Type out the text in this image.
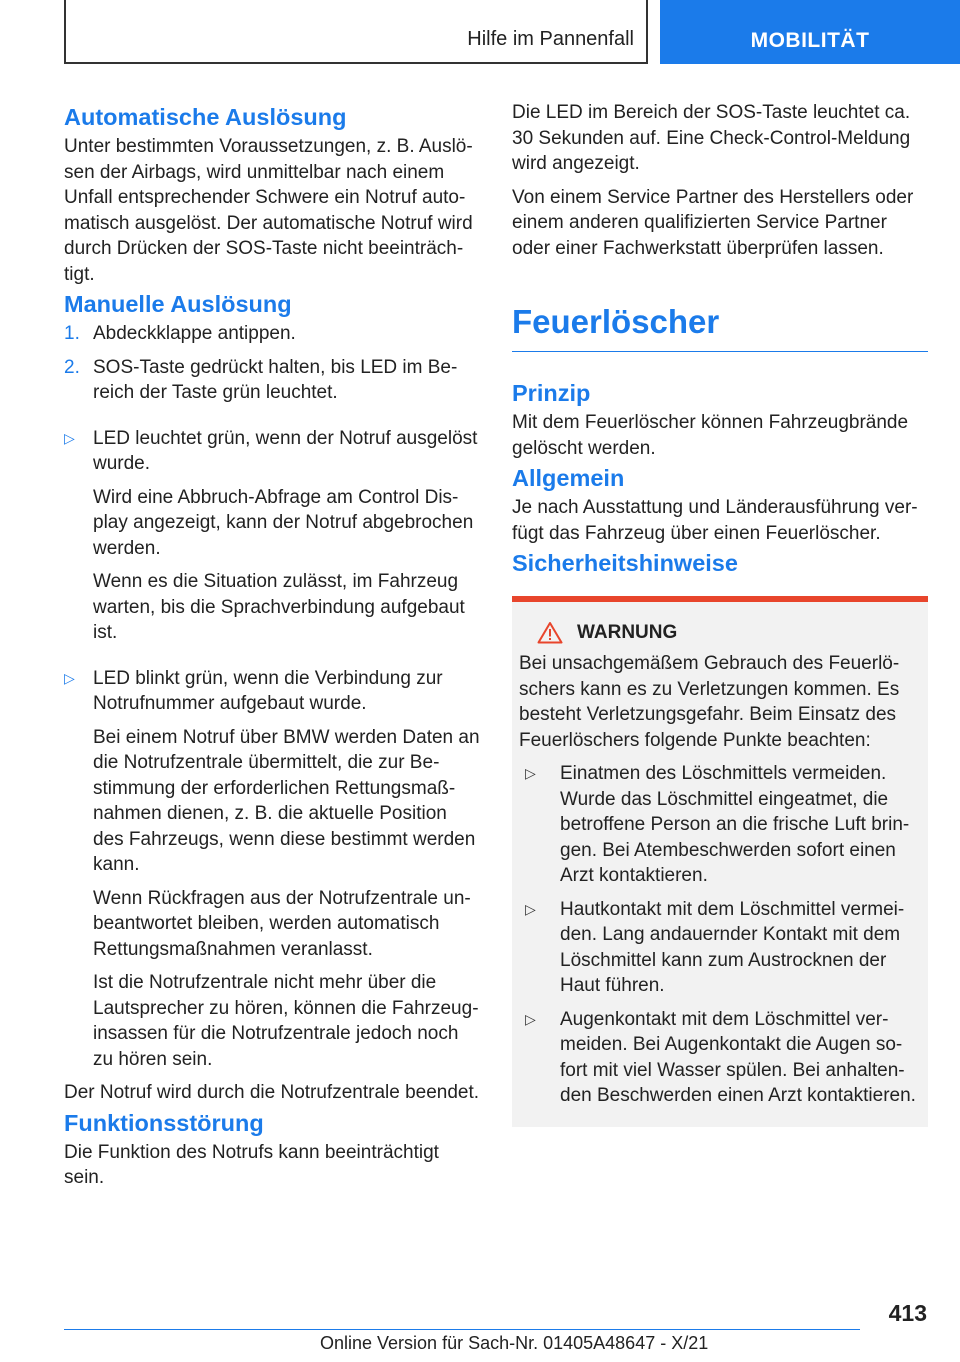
Hilfe im Pannenfall	MOBILITÄT
Automatische Auslösung

Unter bestimmten Voraussetzungen, z. B. Auslösen der Airbags, wird unmittelbar nach einem Unfall entsprechender Schwere ein Notruf automatisch ausgelöst. Der automatische Notruf wird durch Drücken der SOS-Taste nicht beeinträchtigt.

Manuelle Auslösung
1. Abdeckklappe antippen.
2. SOS-Taste gedrückt halten, bis LED im Bereich der Taste grün leuchtet.
▷ LED leuchtet grün, wenn der Notruf ausgelöst wurde.

Wird eine Abbruch-Abfrage am Control Display angezeigt, kann der Notruf abgebrochen werden.

Wenn es die Situation zulässt, im Fahrzeug warten, bis die Sprachverbindung aufgebaut ist.

▷ LED blinkt grün, wenn die Verbindung zur Notrufnummer aufgebaut wurde.

Bei einem Notruf über BMW werden Daten an die Notrufzentrale übermittelt, die zur Bestimmung der erforderlichen Rettungsmaßnahmen dienen, z. B. die aktuelle Position des Fahrzeugs, wenn diese bestimmt werden kann.

Wenn Rückfragen aus der Notrufzentrale unbeantwortet bleiben, werden automatisch Rettungsmaßnahmen veranlasst.

Ist die Notrufzentrale nicht mehr über die Lautsprecher zu hören, können die Fahrzeuginsassen für die Notrufzentrale jedoch noch zu hören sein.

Der Notruf wird durch die Notrufzentrale beendet.

Funktionsstörung

Die Funktion des Notrufs kann beeinträchtigt sein.

Die LED im Bereich der SOS-Taste leuchtet ca. 30 Sekunden auf. Eine Check-Control-Meldung wird angezeigt.

Von einem Service Partner des Herstellers oder einem anderen qualifizierten Service Partner oder einer Fachwerkstatt überprüfen lassen.

Feuerlöscher
Prinzip

Mit dem Feuerlöscher können Fahrzeugbrände gelöscht werden.

Allgemein

Je nach Ausstattung und Länderausführung verfügt das Fahrzeug über einen Feuerlöscher.

Sicherheitshinweise
WARNUNG

Bei unsachgemäßem Gebrauch des Feuerlöschers kann es zu Verletzungen kommen. Es besteht Verletzungsgefahr. Beim Einsatz des Feuerlöschers folgende Punkte beachten:

▷	Einatmen des Löschmittels vermeiden. Wurde das Löschmittel eingeatmet, die betroffene Person an die frische Luft bringen. Bei Atembeschwerden sofort einen Arzt kontaktieren.
▷	Hautkontakt mit dem Löschmittel vermeiden. Lang andauernder Kontakt mit dem Löschmittel kann zum Austrocknen der Haut führen.
▷	Augenkontakt mit dem Löschmittel vermeiden. Bei Augenkontakt die Augen sofort mit viel Wasser spülen. Bei anhaltenden Beschwerden einen Arzt kontaktieren.
413
Online Version für Sach-Nr. 01405A48647 - X/21
